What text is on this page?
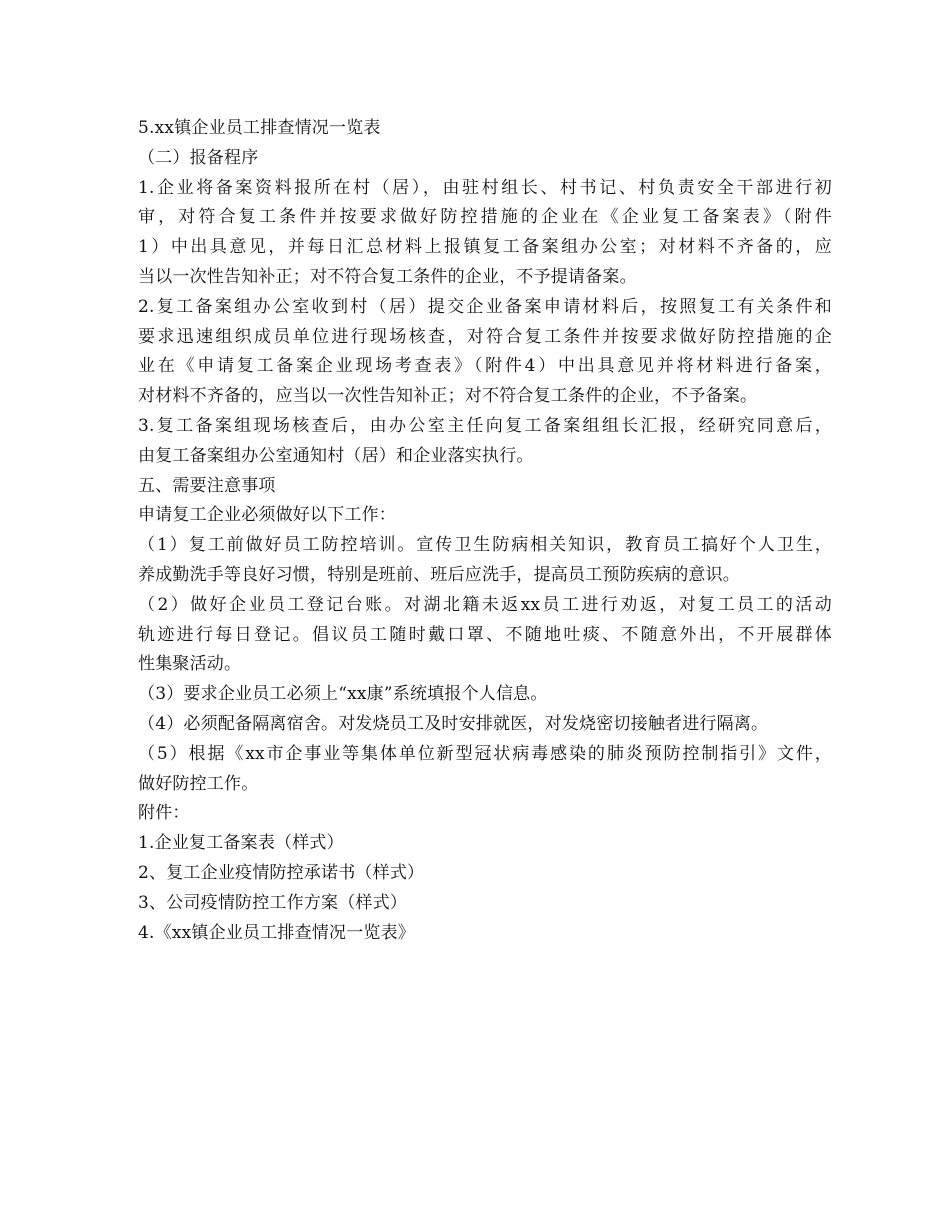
5.xx镇企业员工排查情况一览表
（二）报备程序
1.企业将备案资料报所在村（居），由驻村组长、村书记、村负责安全干部进行初
审，对符合复工条件并按要求做好防控措施的企业在《企业复工备案表》（附件
1）中出具意见，并每日汇总材料上报镇复工备案组办公室；对材料不齐备的，应
当以一次性告知补正；对不符合复工条件的企业，不予提请备案。
2.复工备案组办公室收到村（居）提交企业备案申请材料后，按照复工有关条件和
要求迅速组织成员单位进行现场核查，对符合复工条件并按要求做好防控措施的企
业在《申请复工备案企业现场考查表》（附件4）中出具意见并将材料进行备案，
对材料不齐备的，应当以一次性告知补正；对不符合复工条件的企业，不予备案。
3.复工备案组现场核查后，由办公室主任向复工备案组组长汇报，经研究同意后，
由复工备案组办公室通知村（居）和企业落实执行。
五、需要注意事项
申请复工企业必须做好以下工作：
（1）复工前做好员工防控培训。宣传卫生防病相关知识，教育员工搞好个人卫生，
养成勤洗手等良好习惯，特别是班前、班后应洗手，提高员工预防疾病的意识。
（2）做好企业员工登记台账。对湖北籍未返xx员工进行劝返，对复工员工的活动
轨迹进行每日登记。倡议员工随时戴口罩、不随地吐痰、不随意外出，不开展群体
性集聚活动。
（3）要求企业员工必须上“xx康”系统填报个人信息。
（4）必须配备隔离宿舍。对发烧员工及时安排就医，对发烧密切接触者进行隔离。
（5）根据《xx市企事业等集体单位新型冠状病毒感染的肺炎预防控制指引》文件，
做好防控工作。
附件：
1.企业复工备案表（样式）
2、复工企业疫情防控承诺书（样式）
3、公司疫情防控工作方案（样式）
4.《xx镇企业员工排查情况一览表》
